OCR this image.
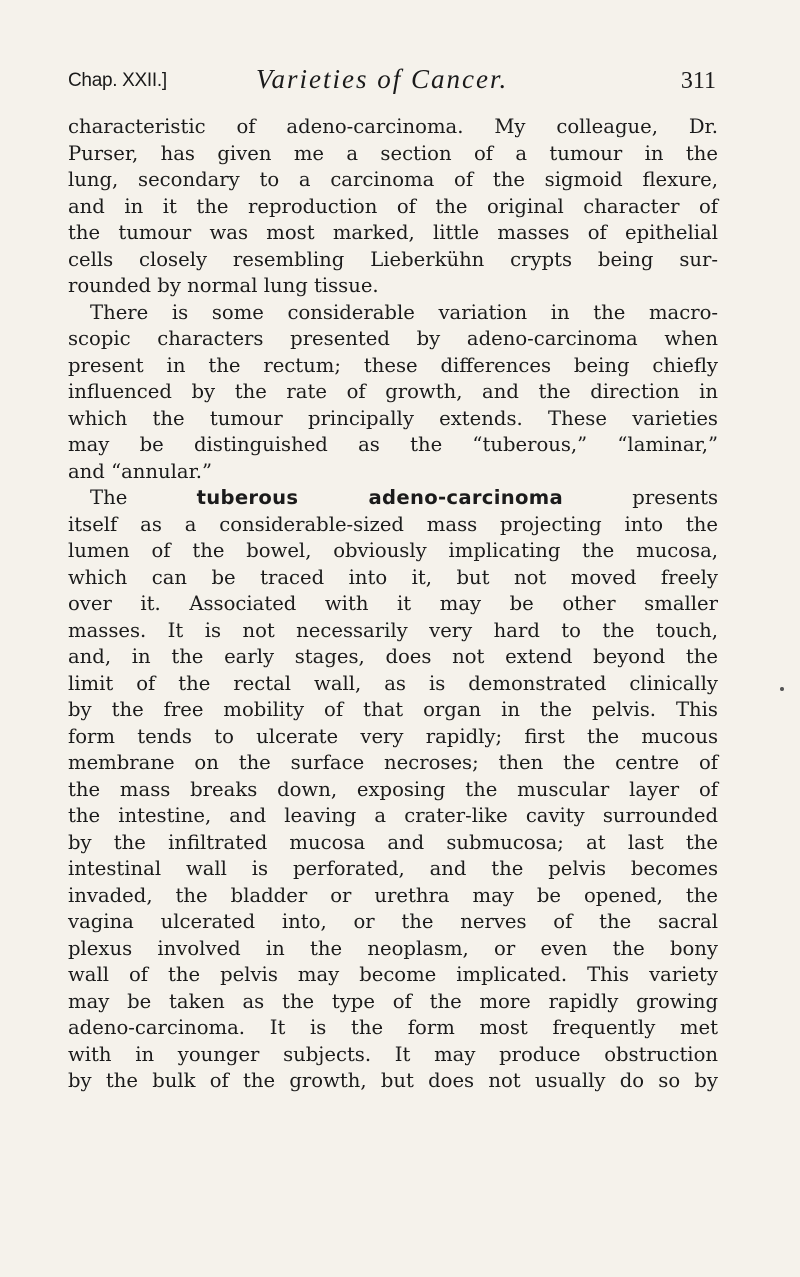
Chap. XXII.]	Varieties of Cancer.	311
characteristic of adeno-carcinoma. My colleague, Dr.
Purser, has given me a section of a tumour in the
lung, secondary to a carcinoma of the sigmoid flexure,
and in it the reproduction of the original character of
the tumour was most marked, little masses of epithelial
cells closely resembling Lieberkühn crypts being sur-
rounded by normal lung tissue.
There is some considerable variation in the macro-
scopic characters presented by adeno-carcinoma when
present in the rectum; these differences being chiefly
influenced by the rate of growth, and the direction in
which the tumour principally extends. These varieties
may be distinguished as the “tuberous,” “laminar,”
and “annular.”
The tuberous adeno-carcinoma presents
itself as a considerable-sized mass projecting into the
lumen of the bowel, obviously implicating the mucosa,
which can be traced into it, but not moved freely
over it. Associated with it may be other smaller
masses. It is not necessarily very hard to the touch,
and, in the early stages, does not extend beyond the
limit of the rectal wall, as is demonstrated clinically
by the free mobility of that organ in the pelvis. This
form tends to ulcerate very rapidly; first the mucous
membrane on the surface necroses; then the centre of
the mass breaks down, exposing the muscular layer of
the intestine, and leaving a crater-like cavity surrounded
by the infiltrated mucosa and submucosa; at last the
intestinal wall is perforated, and the pelvis becomes
invaded, the bladder or urethra may be opened, the
vagina ulcerated into, or the nerves of the sacral
plexus involved in the neoplasm, or even the bony
wall of the pelvis may become implicated. This variety
may be taken as the type of the more rapidly growing
adeno-carcinoma. It is the form most frequently met
with in younger subjects. It may produce obstruction
by the bulk of the growth, but does not usually do so by
